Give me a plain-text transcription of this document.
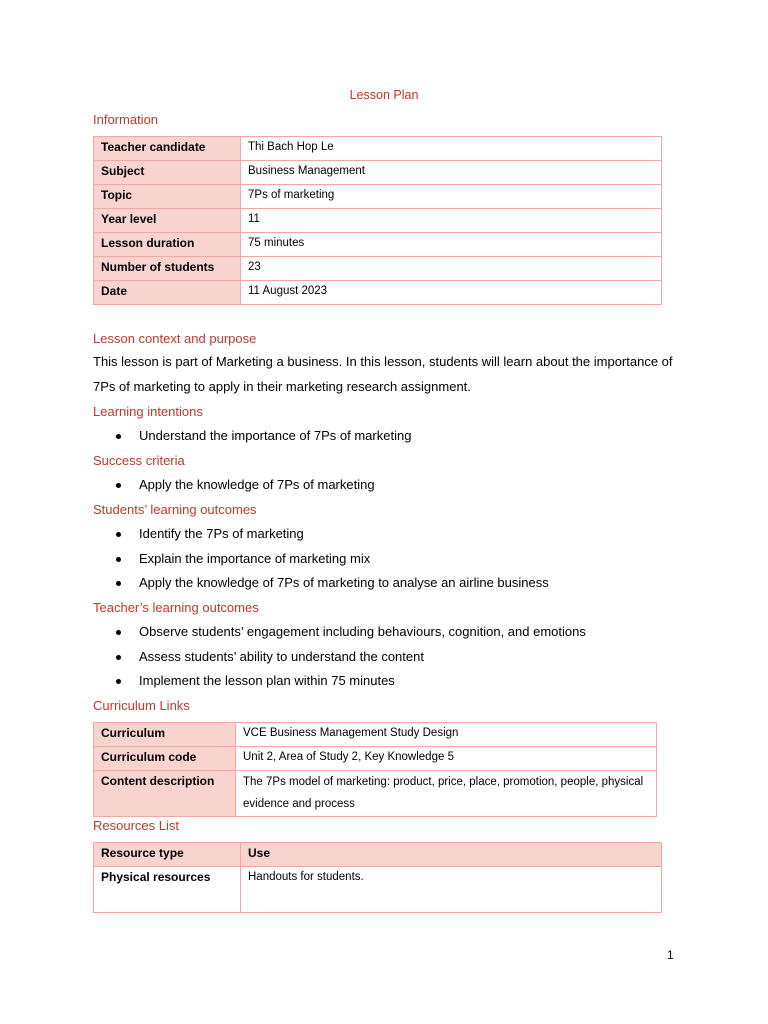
Lesson Plan
Information
Teacher candidate	Thi Bach Hop Le
Subject	Business Management
Topic	7Ps of marketing
Year level	11
Lesson duration	75 minutes
Number of students	23
Date	11 August 2023
Lesson context and purpose
This lesson is part of Marketing a business. In this lesson, students will learn about the importance of 7Ps of marketing to apply in their marketing research assignment.
Learning intentions
Understand the importance of 7Ps of marketing
Success criteria
Apply the knowledge of 7Ps of marketing
Students’ learning outcomes
Identify the 7Ps of marketing
Explain the importance of marketing mix
Apply the knowledge of 7Ps of marketing to analyse an airline business
Teacher’s learning outcomes
Observe students’ engagement including behaviours, cognition, and emotions
Assess students’ ability to understand the content
Implement the lesson plan within 75 minutes
Curriculum Links
Curriculum	VCE Business Management Study Design
Curriculum code	Unit 2, Area of Study 2, Key Knowledge 5
Content description	The 7Ps model of marketing: product, price, place, promotion, people, physical evidence and process
Resources List
Resource type	Use
Physical resources	Handouts for students.
1
